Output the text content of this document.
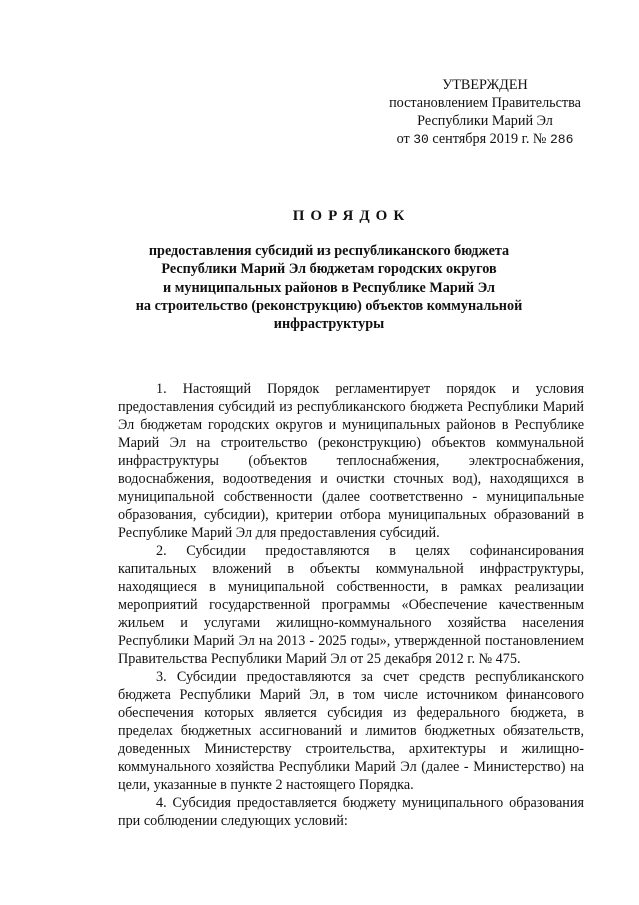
УТВЕРЖДЕН
постановлением Правительства
Республики Марий Эл
от 30 сентября 2019 г. № 286
ПОРЯДОК
предоставления субсидий из республиканского бюджета
Республики Марий Эл бюджетам городских округов
и муниципальных районов в Республике Марий Эл
на строительство (реконструкцию) объектов коммунальной
инфраструктуры

1. Настоящий Порядок регламентирует порядок и условия предоставления субсидий из республиканского бюджета Республики Марий Эл бюджетам городских округов и муниципальных районов в Республике Марий Эл на строительство (реконструкцию) объектов коммунальной инфраструктуры (объектов теплоснабжения, электроснабжения, водоснабжения, водоотведения и очистки сточных вод), находящихся в муниципальной собственности (далее соответственно - муниципальные образования, субсидии), критерии отбора муниципальных образований в Республике Марий Эл для предоставления субсидий.

2. Субсидии предоставляются в целях софинансирования капитальных вложений в объекты коммунальной инфраструктуры, находящиеся в муниципальной собственности, в рамках реализации мероприятий государственной программы «Обеспечение качественным жильем и услугами жилищно-коммунального хозяйства населения Республики Марий Эл на 2013 - 2025 годы», утвержденной постановлением Правительства Республики Марий Эл от 25 декабря 2012 г. № 475.

3. Субсидии предоставляются за счет средств республиканского бюджета Республики Марий Эл, в том числе источником финансового обеспечения которых является субсидия из федерального бюджета, в пределах бюджетных ассигнований и лимитов бюджетных обязательств, доведенных Министерству строительства, архитектуры и жилищно-коммунального хозяйства Республики Марий Эл (далее - Министерство) на цели, указанные в пункте 2 настоящего Порядка.

4. Субсидия предоставляется бюджету муниципального образования при соблюдении следующих условий:
